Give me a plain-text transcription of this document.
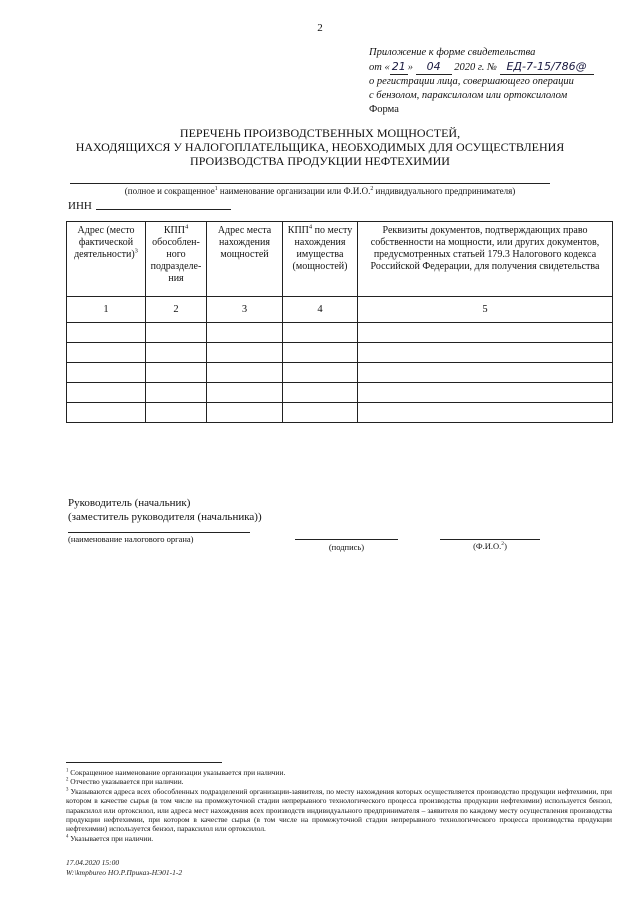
2
Приложение к форме свидетельства
от « 21 » 04 2020 г. № ЕД-7-15/786@
о регистрации лица, совершающего операции
с бензолом, параксилолом или ортоксилолом
Форма
ПЕРЕЧЕНЬ ПРОИЗВОДСТВЕННЫХ МОЩНОСТЕЙ,
НАХОДЯЩИХСЯ У НАЛОГОПЛАТЕЛЬЩИКА, НЕОБХОДИМЫХ ДЛЯ ОСУЩЕСТВЛЕНИЯ
ПРОИЗВОДСТВА ПРОДУКЦИИ НЕФТЕХИМИИ
(полное и сокращенное$^1$ наименование организации или Ф.И.О.$^2$ индивидуального предпринимателя)
ИНН
Адрес (место фактической деятельности)$^3$	КПП$^4$ обособленного подразделения	Адрес места нахождения мощностей	КПП$^4$ по месту нахождения имущества (мощностей)	Реквизиты документов, подтверждающих право собственности на мощности, или других документов, предусмотренных статьей 179.3 Налогового кодекса Российской Федерации, для получения свидетельства
1	2	3	4	5

Руководитель (начальник)
(заместитель руководителя (начальника))
(наименование налогового органа)
(подпись)	(Ф.И.О.$^2$)

$^1$ Сокращенное наименование организации указывается при наличии.

$^2$ Отчество указывается при наличии.

$^3$ Указываются адреса всех обособленных подразделений организации-заявителя, по месту нахождения которых осуществляется производство продукции нефтехимии, при котором в качестве сырья (в том числе на промежуточной стадии непрерывного технологического процесса производства продукции нефтехимии) используется бензол, параксилол или ортоксилол, или адреса мест нахождения всех производств индивидуального предпринимателя – заявителя по каждому месту осуществления производства продукции нефтехимии, при котором в качестве сырья (в том числе на промежуточной стадии непрерывного технологического процесса производства продукции нефтехимии) используется бензол, параксилол или ортоксилол.

$^4$ Указывается при наличии.

17.04.2020 15:00
W:\kmpbureo НО.Р.Приказ-НЭ01-1-2
